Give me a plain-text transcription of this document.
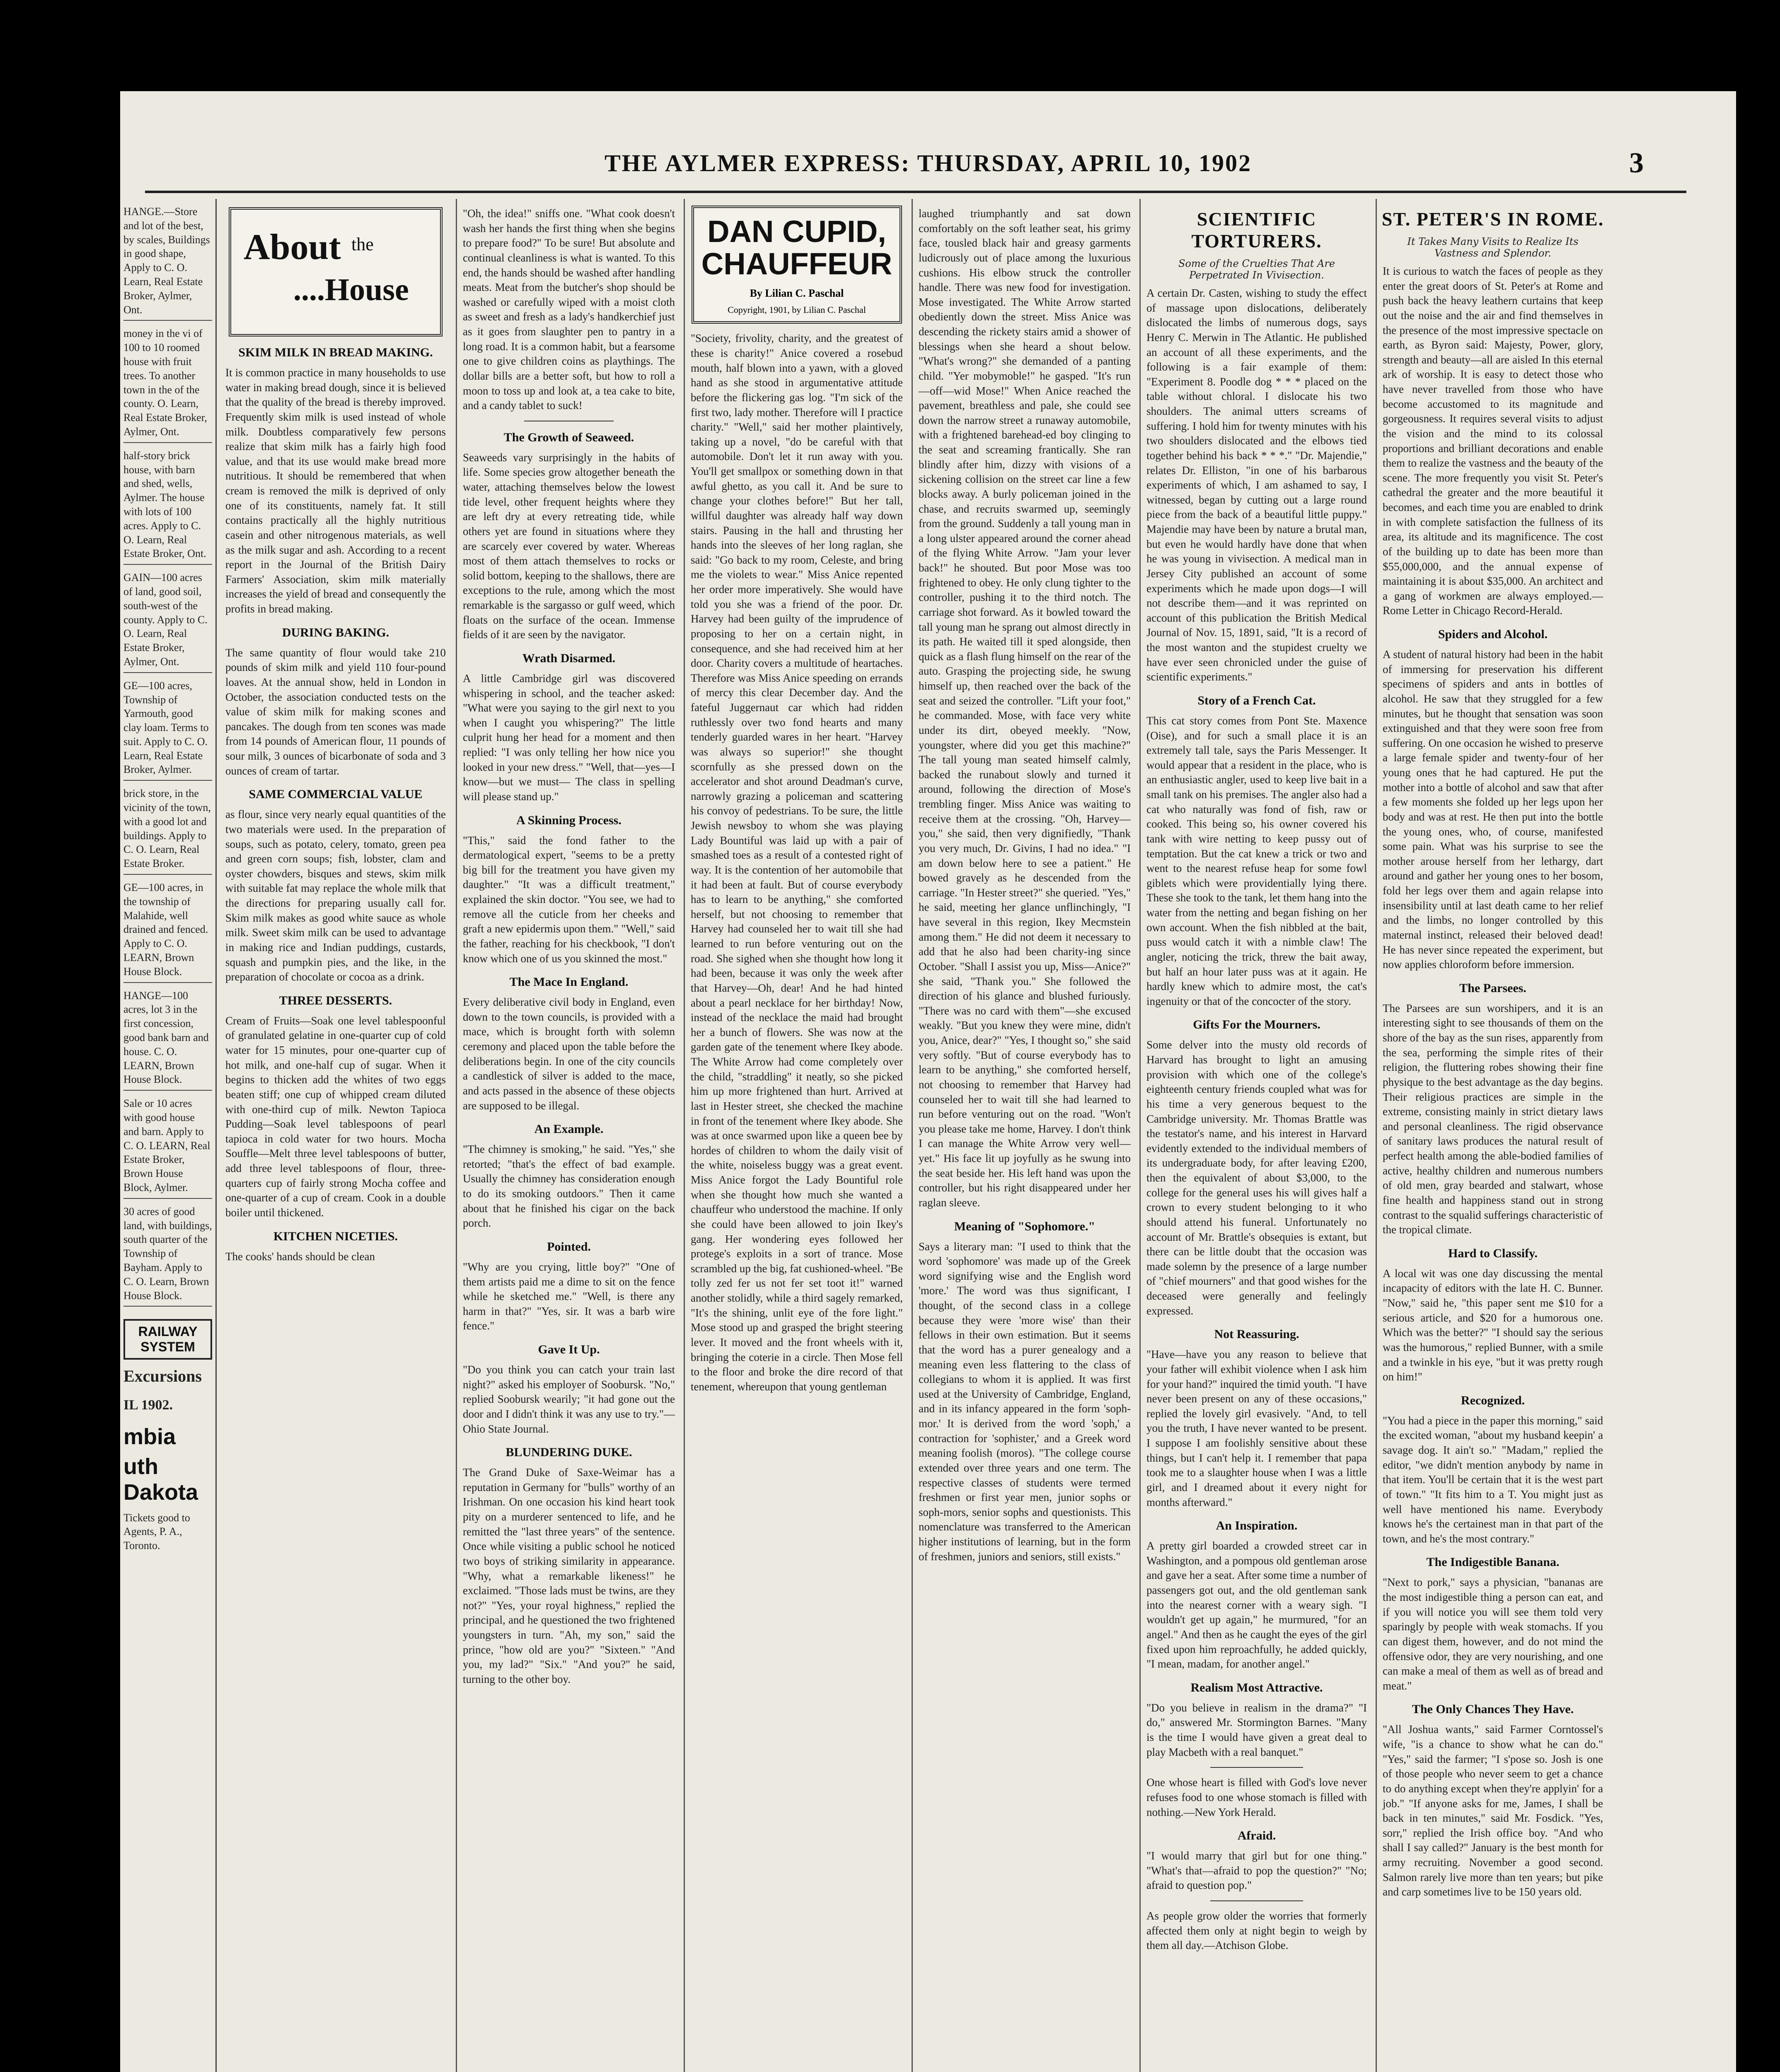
THE AYLMER EXPRESS: THURSDAY, APRIL 10, 1902	3
HANGE.—Store and lot of the best, by scales, Buildings in good shape, Apply to C. O. Learn, Real Estate Broker, Aylmer, Ont.
money in the vi of 100 to 10 roomed house with fruit trees. To another town in the of the county. O. Learn, Real Estate Broker, Aylmer, Ont.
half-story brick house, with barn and shed, wells, Aylmer. The house with lots of 100 acres. Apply to C. O. Learn, Real Estate Broker, Ont.
GAIN—100 acres of land, good soil, south-west of the county. Apply to C. O. Learn, Real Estate Broker, Aylmer, Ont.
GE—100 acres, Township of Yarmouth, good clay loam. Terms to suit. Apply to C. O. Learn, Real Estate Broker, Aylmer.
brick store, in the vicinity of the town, with a good lot and buildings. Apply to C. O. Learn, Real Estate Broker.
GE—100 acres, in the township of Malahide, well drained and fenced. Apply to C. O. LEARN, Brown House Block.
HANGE—100 acres, lot 3 in the first concession, good bank barn and house. C. O. LEARN, Brown House Block.
Sale or 10 acres with good house and barn. Apply to C. O. LEARN, Real Estate Broker, Brown House Block, Aylmer.
30 acres of good land, with buildings, south quarter of the Township of Bayham. Apply to C. O. Learn, Brown House Block.
RAILWAY SYSTEM
Excursions
IL 1902.
mbia
uth Dakota
Tickets good to Agents, P. A., Toronto.
About the
....House
SKIM MILK IN BREAD MAKING.
It is common practice in many households to use water in making bread dough, since it is believed that the quality of the bread is thereby improved. Frequently skim milk is used instead of whole milk. Doubtless comparatively few persons realize that skim milk has a fairly high food value, and that its use would make bread more nutritious. It should be remembered that when cream is removed the milk is deprived of only one of its constituents, namely fat. It still contains practically all the highly nutritious casein and other nitrogenous materials, as well as the milk sugar and ash. According to a recent report in the Journal of the British Dairy Farmers' Association, skim milk materially increases the yield of bread and consequently the profits in bread making.
DURING BAKING.
The same quantity of flour would take 210 pounds of skim milk and yield 110 four-pound loaves. At the annual show, held in London in October, the association conducted tests on the value of skim milk for making scones and pancakes. The dough from ten scones was made from 14 pounds of American flour, 11 pounds of sour milk, 3 ounces of bicarbonate of soda and 3 ounces of cream of tartar.
SAME COMMERCIAL VALUE
as flour, since very nearly equal quantities of the two materials were used. In the preparation of soups, such as potato, celery, tomato, green pea and green corn soups; fish, lobster, clam and oyster chowders, bisques and stews, skim milk with suitable fat may replace the whole milk that the directions for preparing usually call for. Skim milk makes as good white sauce as whole milk. Sweet skim milk can be used to advantage in making rice and Indian puddings, custards, squash and pumpkin pies, and the like, in the preparation of chocolate or cocoa as a drink.
THREE DESSERTS.
Cream of Fruits—Soak one level tablespoonful of granulated gelatine in one-quarter cup of cold water for 15 minutes, pour one-quarter cup of hot milk, and one-half cup of sugar. When it begins to thicken add the whites of two eggs beaten stiff; one cup of whipped cream diluted with one-third cup of milk. Newton Tapioca Pudding—Soak level tablespoons of pearl tapioca in cold water for two hours. Mocha Souffle—Melt three level tablespoons of butter, add three level tablespoons of flour, three-quarters cup of fairly strong Mocha coffee and one-quarter of a cup of cream. Cook in a double boiler until thickened.
KITCHEN NICETIES.
The cooks' hands should be clean
"Oh, the idea!" sniffs one. "What cook doesn't wash her hands the first thing when she begins to prepare food?" To be sure! But absolute and continual cleanliness is what is wanted. To this end, the hands should be washed after handling meats. Meat from the butcher's shop should be washed or carefully wiped with a moist cloth as sweet and fresh as a lady's handkerchief just as it goes from slaughter pen to pantry in a long road. It is a common habit, but a fearsome one to give children coins as playthings. The dollar bills are a better soft, but how to roll a moon to toss up and look at, a tea cake to bite, and a candy tablet to suck!
The Growth of Seaweed.
Seaweeds vary surprisingly in the habits of life. Some species grow altogether beneath the water, attaching themselves below the lowest tide level, other frequent heights where they are left dry at every retreating tide, while others yet are found in situations where they are scarcely ever covered by water. Whereas most of them attach themselves to rocks or solid bottom, keeping to the shallows, there are exceptions to the rule, among which the most remarkable is the sargasso or gulf weed, which floats on the surface of the ocean. Immense fields of it are seen by the navigator.
Wrath Disarmed.
A little Cambridge girl was discovered whispering in school, and the teacher asked: "What were you saying to the girl next to you when I caught you whispering?" The little culprit hung her head for a moment and then replied: "I was only telling her how nice you looked in your new dress." "Well, that—yes—I know—but we must— The class in spelling will please stand up."
A Skinning Process.
"This," said the fond father to the dermatological expert, "seems to be a pretty big bill for the treatment you have given my daughter." "It was a difficult treatment," explained the skin doctor. "You see, we had to remove all the cuticle from her cheeks and graft a new epidermis upon them." "Well," said the father, reaching for his checkbook, "I don't know which one of us you skinned the most."
The Mace In England.
Every deliberative civil body in England, even down to the town councils, is provided with a mace, which is brought forth with solemn ceremony and placed upon the table before the deliberations begin. In one of the city councils a candlestick of silver is added to the mace, and acts passed in the absence of these objects are supposed to be illegal.
An Example.
"The chimney is smoking," he said. "Yes," she retorted; "that's the effect of bad example. Usually the chimney has consideration enough to do its smoking outdoors." Then it came about that he finished his cigar on the back porch.
Pointed.
"Why are you crying, little boy?" "One of them artists paid me a dime to sit on the fence while he sketched me." "Well, is there any harm in that?" "Yes, sir. It was a barb wire fence."
Gave It Up.
"Do you think you can catch your train last night?" asked his employer of Soobursk. "No," replied Soobursk wearily; "it had gone out the door and I didn't think it was any use to try."—Ohio State Journal.
BLUNDERING DUKE.
The Grand Duke of Saxe-Weimar has a reputation in Germany for "bulls" worthy of an Irishman. On one occasion his kind heart took pity on a murderer sentenced to life, and he remitted the "last three years" of the sentence. Once while visiting a public school he noticed two boys of striking similarity in appearance. "Why, what a remarkable likeness!" he exclaimed. "Those lads must be twins, are they not?" "Yes, your royal highness," replied the principal, and he questioned the two frightened youngsters in turn. "Ah, my son," said the prince, "how old are you?" "Sixteen." "And you, my lad?" "Six." "And you?" he said, turning to the other boy.
DAN CUPID, CHAUFFEUR
By Lilian C. Paschal
Copyright, 1901, by Lilian C. Paschal
"Society, frivolity, charity, and the greatest of these is charity!" Anice covered a rosebud mouth, half blown into a yawn, with a gloved hand as she stood in argumentative attitude before the flickering gas log. "I'm sick of the first two, lady mother. Therefore will I practice charity." "Well," said her mother plaintively, taking up a novel, "do be careful with that automobile. Don't let it run away with you. You'll get smallpox or something down in that awful ghetto, as you call it. And be sure to change your clothes before!" But her tall, willful daughter was already half way down stairs. Pausing in the hall and thrusting her hands into the sleeves of her long raglan, she said: "Go back to my room, Celeste, and bring me the violets to wear." Miss Anice repented her order more imperatively. She would have told you she was a friend of the poor. Dr. Harvey had been guilty of the imprudence of proposing to her on a certain night, in consequence, and she had received him at her door. Charity covers a multitude of heartaches. Therefore was Miss Anice speeding on errands of mercy this clear December day. And the fateful Juggernaut car which had ridden ruthlessly over two fond hearts and many tenderly guarded wares in her heart. "Harvey was always so superior!" she thought scornfully as she pressed down on the accelerator and shot around Deadman's curve, narrowly grazing a policeman and scattering his convoy of pedestrians. To be sure, the little Jewish newsboy to whom she was playing Lady Bountiful was laid up with a pair of smashed toes as a result of a contested right of way. It is the contention of her automobile that it had been at fault. But of course everybody has to learn to be anything," she comforted herself, but not choosing to remember that Harvey had counseled her to wait till she had learned to run before venturing out on the road. She sighed when she thought how long it had been, because it was only the week after that Harvey—Oh, dear! And he had hinted about a pearl necklace for her birthday! Now, instead of the necklace the maid had brought her a bunch of flowers. She was now at the garden gate of the tenement where Ikey abode. The White Arrow had come completely over the child, "straddling" it neatly, so she picked him up more frightened than hurt. Arrived at last in Hester street, she checked the machine in front of the tenement where Ikey abode. She was at once swarmed upon like a queen bee by hordes of children to whom the daily visit of the white, noiseless buggy was a great event. Miss Anice forgot the Lady Bountiful role when she thought how much she wanted a chauffeur who understood the machine. If only she could have been allowed to join Ikey's gang. Her wondering eyes followed her protege's exploits in a sort of trance. Mose scrambled up the big, fat cushioned-wheel. "Be tolly zed fer us not fer set toot it!" warned another stolidly, while a third sagely remarked, "It's the shining, unlit eye of the fore light." Mose stood up and grasped the bright steering lever. It moved and the front wheels with it, bringing the coterie in a circle. Then Mose fell to the floor and broke the dire record of that tenement, whereupon that young gentleman
laughed triumphantly and sat down comfortably on the soft leather seat, his grimy face, tousled black hair and greasy garments ludicrously out of place among the luxurious cushions. His elbow struck the controller handle. There was new food for investigation. Mose investigated. The White Arrow started obediently down the street. Miss Anice was descending the rickety stairs amid a shower of blessings when she heard a shout below. "What's wrong?" she demanded of a panting child. "Yer mobymoble!" he gasped. "It's run—off—wid Mose!" When Anice reached the pavement, breathless and pale, she could see down the narrow street a runaway automobile, with a frightened barehead-ed boy clinging to the seat and screaming frantically. She ran blindly after him, dizzy with visions of a sickening collision on the street car line a few blocks away. A burly policeman joined in the chase, and recruits swarmed up, seemingly from the ground. Suddenly a tall young man in a long ulster appeared around the corner ahead of the flying White Arrow. "Jam your lever back!" he shouted. But poor Mose was too frightened to obey. He only clung tighter to the controller, pushing it to the third notch. The carriage shot forward. As it bowled toward the tall young man he sprang out almost directly in its path. He waited till it sped alongside, then quick as a flash flung himself on the rear of the auto. Grasping the projecting side, he swung himself up, then reached over the back of the seat and seized the controller. "Lift your foot," he commanded. Mose, with face very white under its dirt, obeyed meekly. "Now, youngster, where did you get this machine?" The tall young man seated himself calmly, backed the runabout slowly and turned it around, following the direction of Mose's trembling finger. Miss Anice was waiting to receive them at the crossing. "Oh, Harvey—you," she said, then very dignifiedly, "Thank you very much, Dr. Givins, I had no idea." "I am down below here to see a patient." He bowed gravely as he descended from the carriage. "In Hester street?" she queried. "Yes," he said, meeting her glance unflinchingly, "I have several in this region, Ikey Mecmstein among them." He did not deem it necessary to add that he also had been charity-ing since October. "Shall I assist you up, Miss—Anice?" she said, "Thank you." She followed the direction of his glance and blushed furiously. "There was no card with them"—she excused weakly. "But you knew they were mine, didn't you, Anice, dear?" "Yes, I thought so," she said very softly. "But of course everybody has to learn to be anything," she comforted herself, not choosing to remember that Harvey had counseled her to wait till she had learned to run before venturing out on the road. "Won't you please take me home, Harvey. I don't think I can manage the White Arrow very well—yet." His face lit up joyfully as he swung into the seat beside her. His left hand was upon the controller, but his right disappeared under her raglan sleeve.
Meaning of "Sophomore."
Says a literary man: "I used to think that the word 'sophomore' was made up of the Greek word signifying wise and the English word 'more.' The word was thus significant, I thought, of the second class in a college because they were 'more wise' than their fellows in their own estimation. But it seems that the word has a purer genealogy and a meaning even less flattering to the class of collegians to whom it is applied. It was first used at the University of Cambridge, England, and in its infancy appeared in the form 'soph-mor.' It is derived from the word 'soph,' a contraction for 'sophister,' and a Greek word meaning foolish (moros). "The college course extended over three years and one term. The respective classes of students were termed freshmen or first year men, junior sophs or soph-mors, senior sophs and questionists. This nomenclature was transferred to the American higher institutions of learning, but in the form of freshmen, juniors and seniors, still exists."
SCIENTIFIC TORTURERS.
Some of the Cruelties That Are Perpetrated In Vivisection.
A certain Dr. Casten, wishing to study the effect of massage upon dislocations, deliberately dislocated the limbs of numerous dogs, says Henry C. Merwin in The Atlantic. He published an account of all these experiments, and the following is a fair example of them: "Experiment 8. Poodle dog * * * placed on the table without chloral. I dislocate his two shoulders. The animal utters screams of suffering. I hold him for twenty minutes with his two shoulders dislocated and the elbows tied together behind his back * * *." "Dr. Majendie," relates Dr. Elliston, "in one of his barbarous experiments of which, I am ashamed to say, I witnessed, began by cutting out a large round piece from the back of a beautiful little puppy." Majendie may have been by nature a brutal man, but even he would hardly have done that when he was young in vivisection. A medical man in Jersey City published an account of some experiments which he made upon dogs—I will not describe them—and it was reprinted on account of this publication the British Medical Journal of Nov. 15, 1891, said, "It is a record of the most wanton and the stupidest cruelty we have ever seen chronicled under the guise of scientific experiments."
Story of a French Cat.
This cat story comes from Pont Ste. Maxence (Oise), and for such a small place it is an extremely tall tale, says the Paris Messenger. It would appear that a resident in the place, who is an enthusiastic angler, used to keep live bait in a small tank on his premises. The angler also had a cat who naturally was fond of fish, raw or cooked. This being so, his owner covered his tank with wire netting to keep pussy out of temptation. But the cat knew a trick or two and went to the nearest refuse heap for some fowl giblets which were providentially lying there. These she took to the tank, let them hang into the water from the netting and began fishing on her own account. When the fish nibbled at the bait, puss would catch it with a nimble claw! The angler, noticing the trick, threw the bait away, but half an hour later puss was at it again. He hardly knew which to admire most, the cat's ingenuity or that of the concocter of the story.
Gifts For the Mourners.
Some delver into the musty old records of Harvard has brought to light an amusing provision with which one of the college's eighteenth century friends coupled what was for his time a very generous bequest to the Cambridge university. Mr. Thomas Brattle was the testator's name, and his interest in Harvard evidently extended to the individual members of its undergraduate body, for after leaving £200, then the equivalent of about $3,000, to the college for the general uses his will gives half a crown to every student belonging to it who should attend his funeral. Unfortunately no account of Mr. Brattle's obsequies is extant, but there can be little doubt that the occasion was made solemn by the presence of a large number of "chief mourners" and that good wishes for the deceased were generally and feelingly expressed.
Not Reassuring.
"Have—have you any reason to believe that your father will exhibit violence when I ask him for your hand?" inquired the timid youth. "I have never been present on any of these occasions," replied the lovely girl evasively. "And, to tell you the truth, I have never wanted to be present. I suppose I am foolishly sensitive about these things, but I can't help it. I remember that papa took me to a slaughter house when I was a little girl, and I dreamed about it every night for months afterward."
An Inspiration.
A pretty girl boarded a crowded street car in Washington, and a pompous old gentleman arose and gave her a seat. After some time a number of passengers got out, and the old gentleman sank into the nearest corner with a weary sigh. "I wouldn't get up again," he murmured, "for an angel." And then as he caught the eyes of the girl fixed upon him reproachfully, he added quickly, "I mean, madam, for another angel."
Realism Most Attractive.
"Do you believe in realism in the drama?" "I do," answered Mr. Stormington Barnes. "Many is the time I would have given a great deal to play Macbeth with a real banquet."
One whose heart is filled with God's love never refuses food to one whose stomach is filled with nothing.—New York Herald.
Afraid.
"I would marry that girl but for one thing." "What's that—afraid to pop the question?" "No; afraid to question pop."
As people grow older the worries that formerly affected them only at night begin to weigh by them all day.—Atchison Globe.
ST. PETER'S IN ROME.
It Takes Many Visits to Realize Its Vastness and Splendor.
It is curious to watch the faces of people as they enter the great doors of St. Peter's at Rome and push back the heavy leathern curtains that keep out the noise and the air and find themselves in the presence of the most impressive spectacle on earth, as Byron said: Majesty, Power, glory, strength and beauty—all are aisled In this eternal ark of worship. It is easy to detect those who have never travelled from those who have become accustomed to its magnitude and gorgeousness. It requires several visits to adjust the vision and the mind to its colossal proportions and brilliant decorations and enable them to realize the vastness and the beauty of the scene. The more frequently you visit St. Peter's cathedral the greater and the more beautiful it becomes, and each time you are enabled to drink in with complete satisfaction the fullness of its area, its altitude and its magnificence. The cost of the building up to date has been more than $55,000,000, and the annual expense of maintaining it is about $35,000. An architect and a gang of workmen are always employed.—Rome Letter in Chicago Record-Herald.
Spiders and Alcohol.
A student of natural history had been in the habit of immersing for preservation his different specimens of spiders and ants in bottles of alcohol. He saw that they struggled for a few minutes, but he thought that sensation was soon extinguished and that they were soon free from suffering. On one occasion he wished to preserve a large female spider and twenty-four of her young ones that he had captured. He put the mother into a bottle of alcohol and saw that after a few moments she folded up her legs upon her body and was at rest. He then put into the bottle the young ones, who, of course, manifested some pain. What was his surprise to see the mother arouse herself from her lethargy, dart around and gather her young ones to her bosom, fold her legs over them and again relapse into insensibility until at last death came to her relief and the limbs, no longer controlled by this maternal instinct, released their beloved dead! He has never since repeated the experiment, but now applies chloroform before immersion.
The Parsees.
The Parsees are sun worshipers, and it is an interesting sight to see thousands of them on the shore of the bay as the sun rises, apparently from the sea, performing the simple rites of their religion, the fluttering robes showing their fine physique to the best advantage as the day begins. Their religious practices are simple in the extreme, consisting mainly in strict dietary laws and personal cleanliness. The rigid observance of sanitary laws produces the natural result of perfect health among the able-bodied families of active, healthy children and numerous numbers of old men, gray bearded and stalwart, whose fine health and happiness stand out in strong contrast to the squalid sufferings characteristic of the tropical climate.
Hard to Classify.
A local wit was one day discussing the mental incapacity of editors with the late H. C. Bunner. "Now," said he, "this paper sent me $10 for a serious article, and $20 for a humorous one. Which was the better?" "I should say the serious was the humorous," replied Bunner, with a smile and a twinkle in his eye, "but it was pretty rough on him!"
Recognized.
"You had a piece in the paper this morning," said the excited woman, "about my husband keepin' a savage dog. It ain't so." "Madam," replied the editor, "we didn't mention anybody by name in that item. You'll be certain that it is the west part of town." "It fits him to a T. You might just as well have mentioned his name. Everybody knows he's the certainest man in that part of the town, and he's the most contrary."
The Indigestible Banana.
"Next to pork," says a physician, "bananas are the most indigestible thing a person can eat, and if you will notice you will see them told very sparingly by people with weak stomachs. If you can digest them, however, and do not mind the offensive odor, they are very nourishing, and one can make a meal of them as well as of bread and meat."
The Only Chances They Have.
"All Joshua wants," said Farmer Corntossel's wife, "is a chance to show what he can do." "Yes," said the farmer; "I s'pose so. Josh is one of those people who never seem to get a chance to do anything except when they're applyin' for a job." "If anyone asks for me, James, I shall be back in ten minutes," said Mr. Fosdick. "Yes, sorr," replied the Irish office boy. "And who shall I say called?" January is the best month for army recruiting. November a good second. Salmon rarely live more than ten years; but pike and carp sometimes live to be 150 years old.
